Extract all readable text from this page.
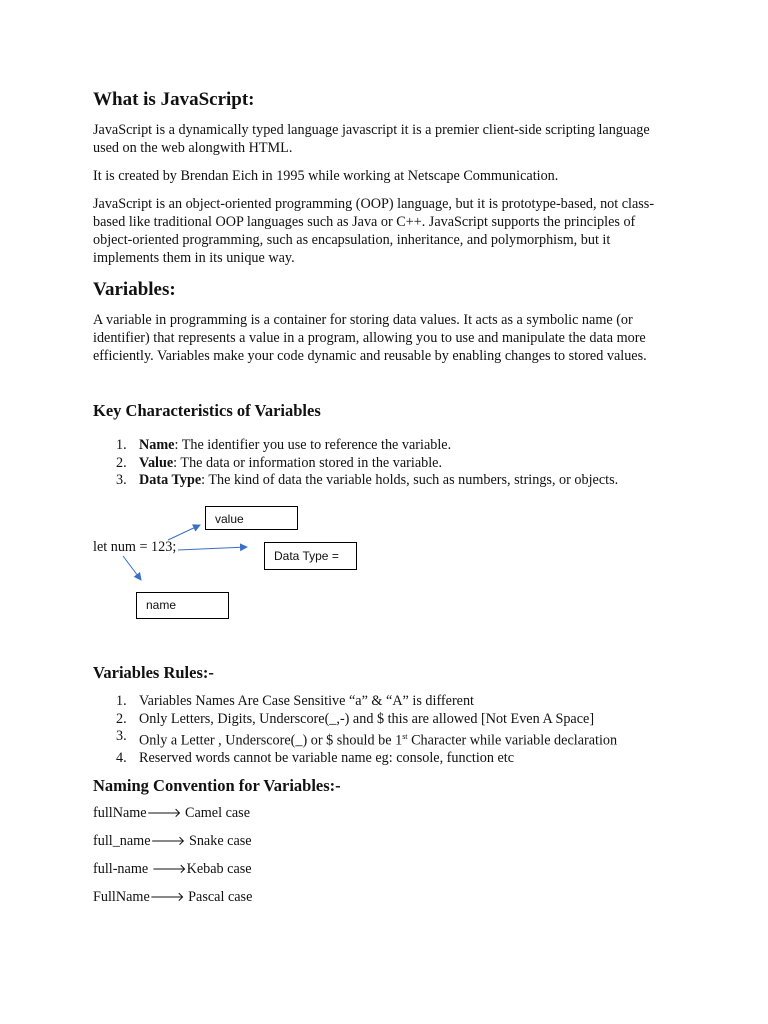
What is JavaScript:

JavaScript is a dynamically typed language javascript it is a premier client-side scripting language used on the web alongwith HTML.

It is created by Brendan Eich in 1995 while working at Netscape Communication.

JavaScript is an object-oriented programming (OOP) language, but it is prototype-based, not class-based like traditional OOP languages such as Java or C++. JavaScript supports the principles of object-oriented programming, such as encapsulation, inheritance, and polymorphism, but it implements them in its unique way.

Variables:

A variable in programming is a container for storing data values. It acts as a symbolic name (or identifier) that represents a value in a program, allowing you to use and manipulate the data more efficiently. Variables make your code dynamic and reusable by enabling changes to stored values.

Key Characteristics of Variables
1. Name: The identifier you use to reference the variable.
2. Value: The data or information stored in the variable.
3. Data Type: The kind of data the variable holds, such as numbers, strings, or objects.
value
Data Type =
name
let num = 123;
Variables Rules:-
1. Variables Names Are Case Sensitive “a” & “A” is different
2. Only Letters, Digits, Underscore(_,-) and $ this are allowed [Not Even A Space]
3. Only a Letter , Underscore(_) or $ should be 1st Character while variable declaration
4. Reserved words cannot be variable name eg: console, function etc
Naming Convention for Variables:-
fullName🡒 Camel case
full_name🡒 Snake case
full-name 🡒Kebab case
FullName🡒 Pascal case
